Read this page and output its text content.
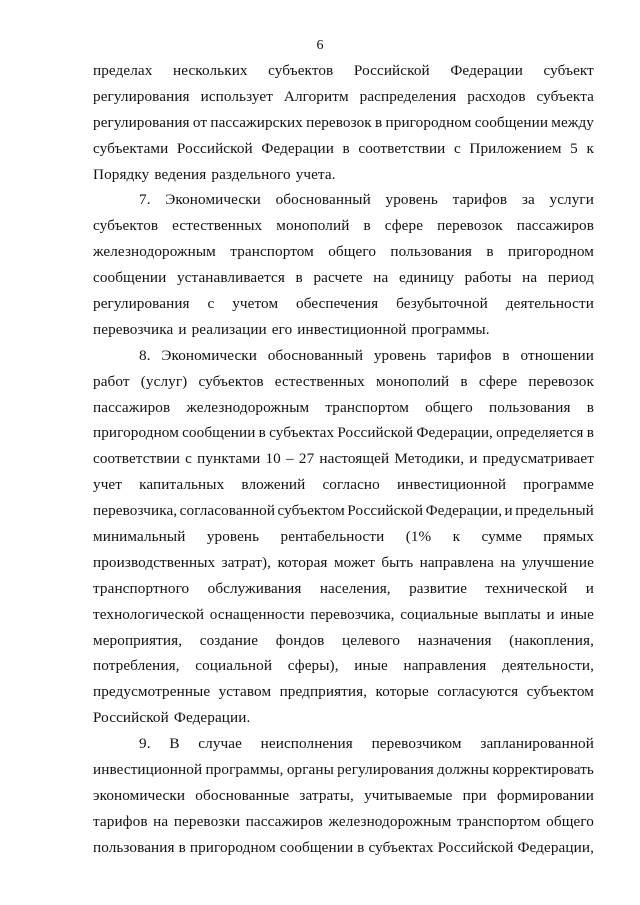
6
пределах нескольких субъектов Российской Федерации субъект
регулирования использует Алгоритм распределения расходов субъекта
регулирования от пассажирских перевозок в пригородном сообщении между
субъектами Российской Федерации в соответствии с Приложением 5 к
Порядку ведения раздельного учета.
7. Экономически обоснованный уровень тарифов за услуги
субъектов естественных монополий в сфере перевозок пассажиров
железнодорожным транспортом общего пользования в пригородном
сообщении устанавливается в расчете на единицу работы на период
регулирования с учетом обеспечения безубыточной деятельности
перевозчика и реализации его инвестиционной программы.
8. Экономически обоснованный уровень тарифов в отношении
работ (услуг) субъектов естественных монополий в сфере перевозок
пассажиров железнодорожным транспортом общего пользования в
пригородном сообщении в субъектах Российской Федерации, определяется в
соответствии с пунктами 10 – 27 настоящей Методики, и предусматривает
учет капитальных вложений согласно инвестиционной программе
перевозчика, согласованной субъектом Российской Федерации, и предельный
минимальный уровень рентабельности (1% к сумме прямых
производственных затрат), которая может быть направлена на улучшение
транспортного обслуживания населения, развитие технической и
технологической оснащенности перевозчика, социальные выплаты и иные
мероприятия, создание фондов целевого назначения (накопления,
потребления, социальной сферы), иные направления деятельности,
предусмотренные уставом предприятия, которые согласуются субъектом
Российской Федерации.
9. В случае неисполнения перевозчиком запланированной
инвестиционной программы, органы регулирования должны корректировать
экономически обоснованные затраты, учитываемые при формировании
тарифов на перевозки пассажиров железнодорожным транспортом общего
пользования в пригородном сообщении в субъектах Российской Федерации,
